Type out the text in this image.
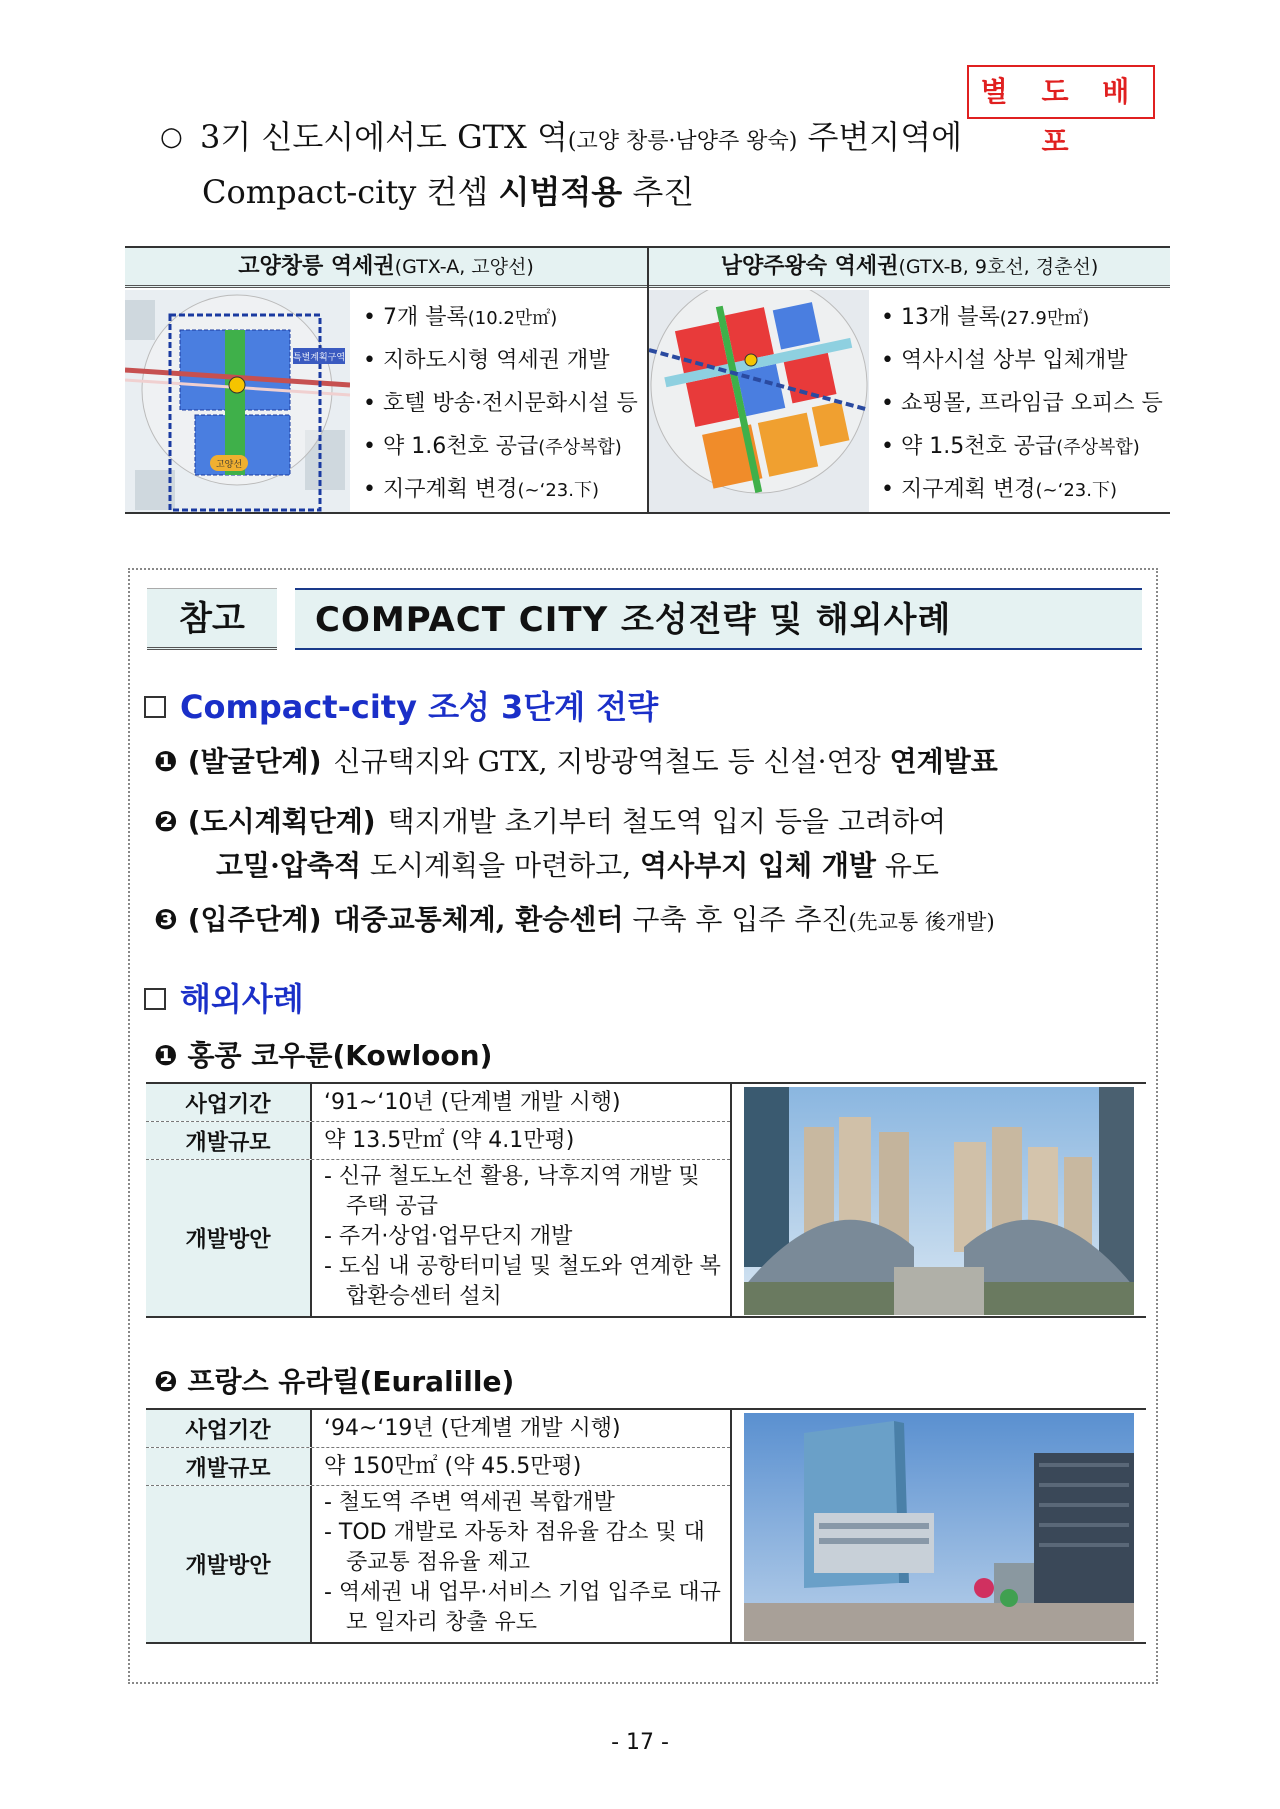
별 도 배 포
○ 3기 신도시에서도 GTX 역(고양 창릉·남양주 왕숙) 주변지역에
Compact-city 컨셉 시범적용 추진
고양창릉 역세권(GTX-A, 고양선)
특별계획구역
고양선
• 7개 블록(10.2만㎡)
• 지하도시형 역세권 개발
• 호텔 방송·전시문화시설 등
• 약 1.6천호 공급(주상복합)
• 지구계획 변경(~‘23.下)
남양주왕숙 역세권(GTX-B, 9호선, 경춘선)
• 13개 블록(27.9만㎡)
• 역사시설 상부 입체개발
• 쇼핑몰, 프라임급 오피스 등
• 약 1.5천호 공급(주상복합)
• 지구계획 변경(~‘23.下)
참고	COMPACT CITY 조성전략 및 해외사례
Compact-city 조성 3단계 전략
❶ (발굴단계) 신규택지와 GTX, 지방광역철도 등 신설·연장 연계발표
❷ (도시계획단계) 택지개발 초기부터 철도역 입지 등을 고려하여
고밀·압축적 도시계획을 마련하고, 역사부지 입체 개발 유도
❸ (입주단계) 대중교통체계, 환승센터 구축 후 입주 추진(先교통 後개발)
해외사례
❶ 홍콩 코우룬(Kowloon)
사업기간	‘91~‘10년 (단계별 개발 시행)
개발규모	약 13.5만㎡ (약 4.1만평)
개발방안
- 신규 철도노선 활용, 낙후지역 개발 및 주택 공급
- 주거·상업·업무단지 개발
- 도심 내 공항터미널 및 철도와 연계한 복합환승센터 설치
❷ 프랑스 유라릴(Euralille)
사업기간	‘94~‘19년 (단계별 개발 시행)
개발규모	약 150만㎡ (약 45.5만평)
개발방안
- 철도역 주변 역세권 복합개발
- TOD 개발로 자동차 점유율 감소 및 대중교통 점유율 제고
- 역세권 내 업무·서비스 기업 입주로 대규모 일자리 창출 유도
- 17 -
